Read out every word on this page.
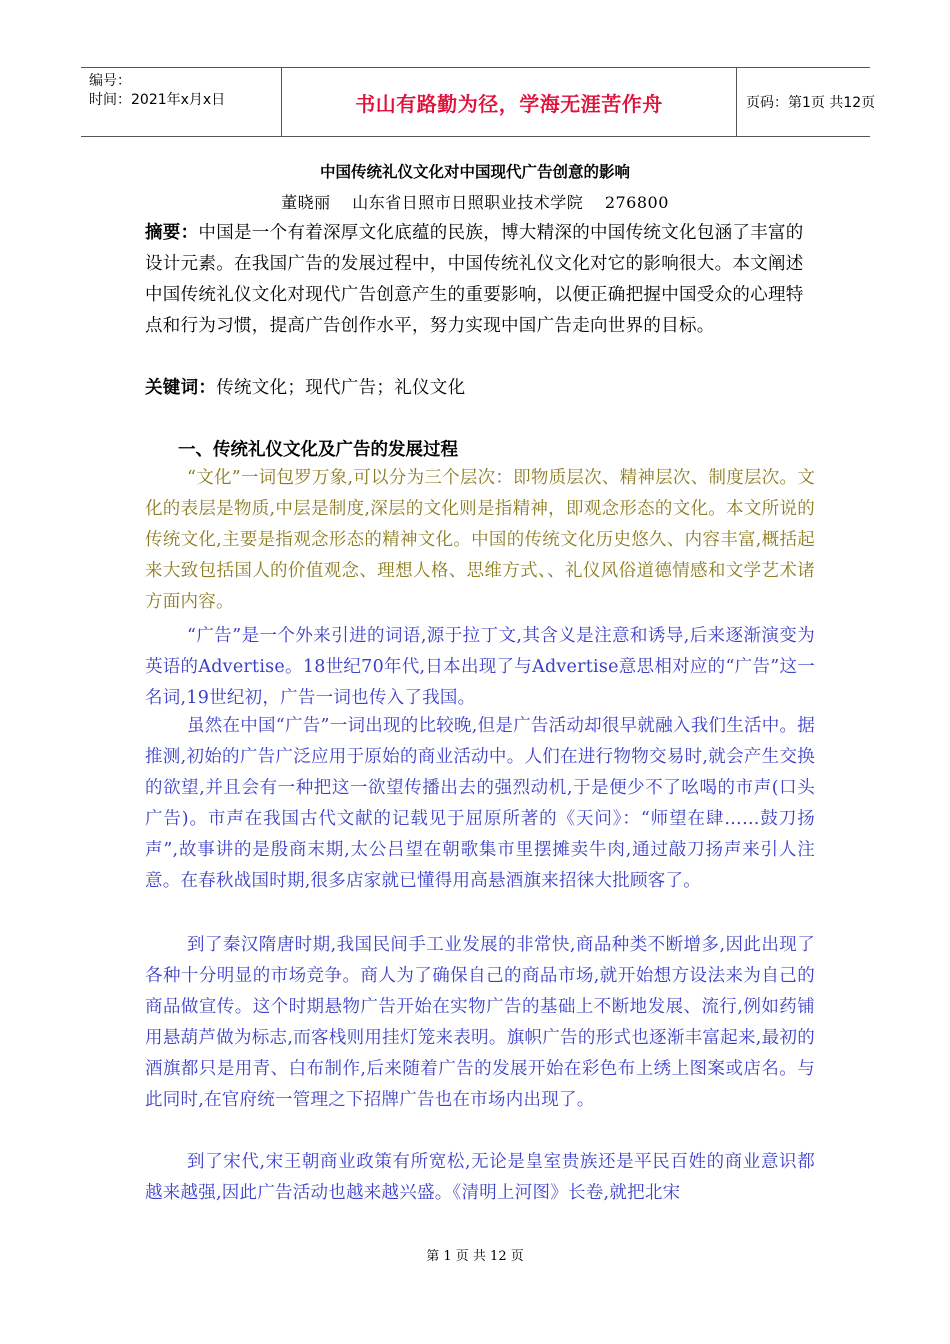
编号：
时间：2021年x月x日	书山有路勤为径，学海无涯苦作舟	页码：第1页 共12页
中国传统礼仪文化对中国现代广告创意的影响
董晓丽 山东省日照市日照职业技术学院 276800
摘要：中国是一个有着深厚文化底蕴的民族，博大精深的中国传统文化包涵了丰富的设计元素。在我国广告的发展过程中，中国传统礼仪文化对它的影响很大。本文阐述中国传统礼仪文化对现代广告创意产生的重要影响，以便正确把握中国受众的心理特点和行为习惯，提高广告创作水平，努力实现中国广告走向世界的目标。
关键词：传统文化；现代广告；礼仪文化
一、传统礼仪文化及广告的发展过程
“文化”一词包罗万象,可以分为三个层次：即物质层次、精神层次、制度层次。文化的表层是物质,中层是制度,深层的文化则是指精神，即观念形态的文化。本文所说的传统文化,主要是指观念形态的精神文化。中国的传统文化历史悠久、内容丰富,概括起来大致包括国人的价值观念、理想人格、思维方式、、礼仪风俗道德情感和文学艺术诸方面内容。
“广告”是一个外来引进的词语,源于拉丁文,其含义是注意和诱导,后来逐渐演变为英语的Advertise。18世纪70年代,日本出现了与Advertise意思相对应的“广告”这一名词,19世纪初，广告一词也传入了我国。
虽然在中国“广告”一词出现的比较晚,但是广告活动却很早就融入我们生活中。据推测,初始的广告广泛应用于原始的商业活动中。人们在进行物物交易时,就会产生交换的欲望,并且会有一种把这一欲望传播出去的强烈动机,于是便少不了吆喝的市声(口头广告)。市声在我国古代文献的记载见于屈原所著的《天问》：“师望在肆……鼓刀扬声”,故事讲的是殷商末期,太公吕望在朝歌集市里摆摊卖牛肉,通过敲刀扬声来引人注意。在春秋战国时期,很多店家就已懂得用高悬酒旗来招徕大批顾客了。
到了秦汉隋唐时期,我国民间手工业发展的非常快,商品种类不断增多,因此出现了各种十分明显的市场竞争。商人为了确保自己的商品市场,就开始想方设法来为自己的商品做宣传。这个时期悬物广告开始在实物广告的基础上不断地发展、流行,例如药铺用悬葫芦做为标志,而客栈则用挂灯笼来表明。旗帜广告的形式也逐渐丰富起来,最初的酒旗都只是用青、白布制作,后来随着广告的发展开始在彩色布上绣上图案或店名。与此同时,在官府统一管理之下招牌广告也在市场内出现了。
到了宋代,宋王朝商业政策有所宽松,无论是皇室贵族还是平民百姓的商业意识都越来越强,因此广告活动也越来越兴盛。《清明上河图》长卷,就把北宋
第 1 页 共 12 页
